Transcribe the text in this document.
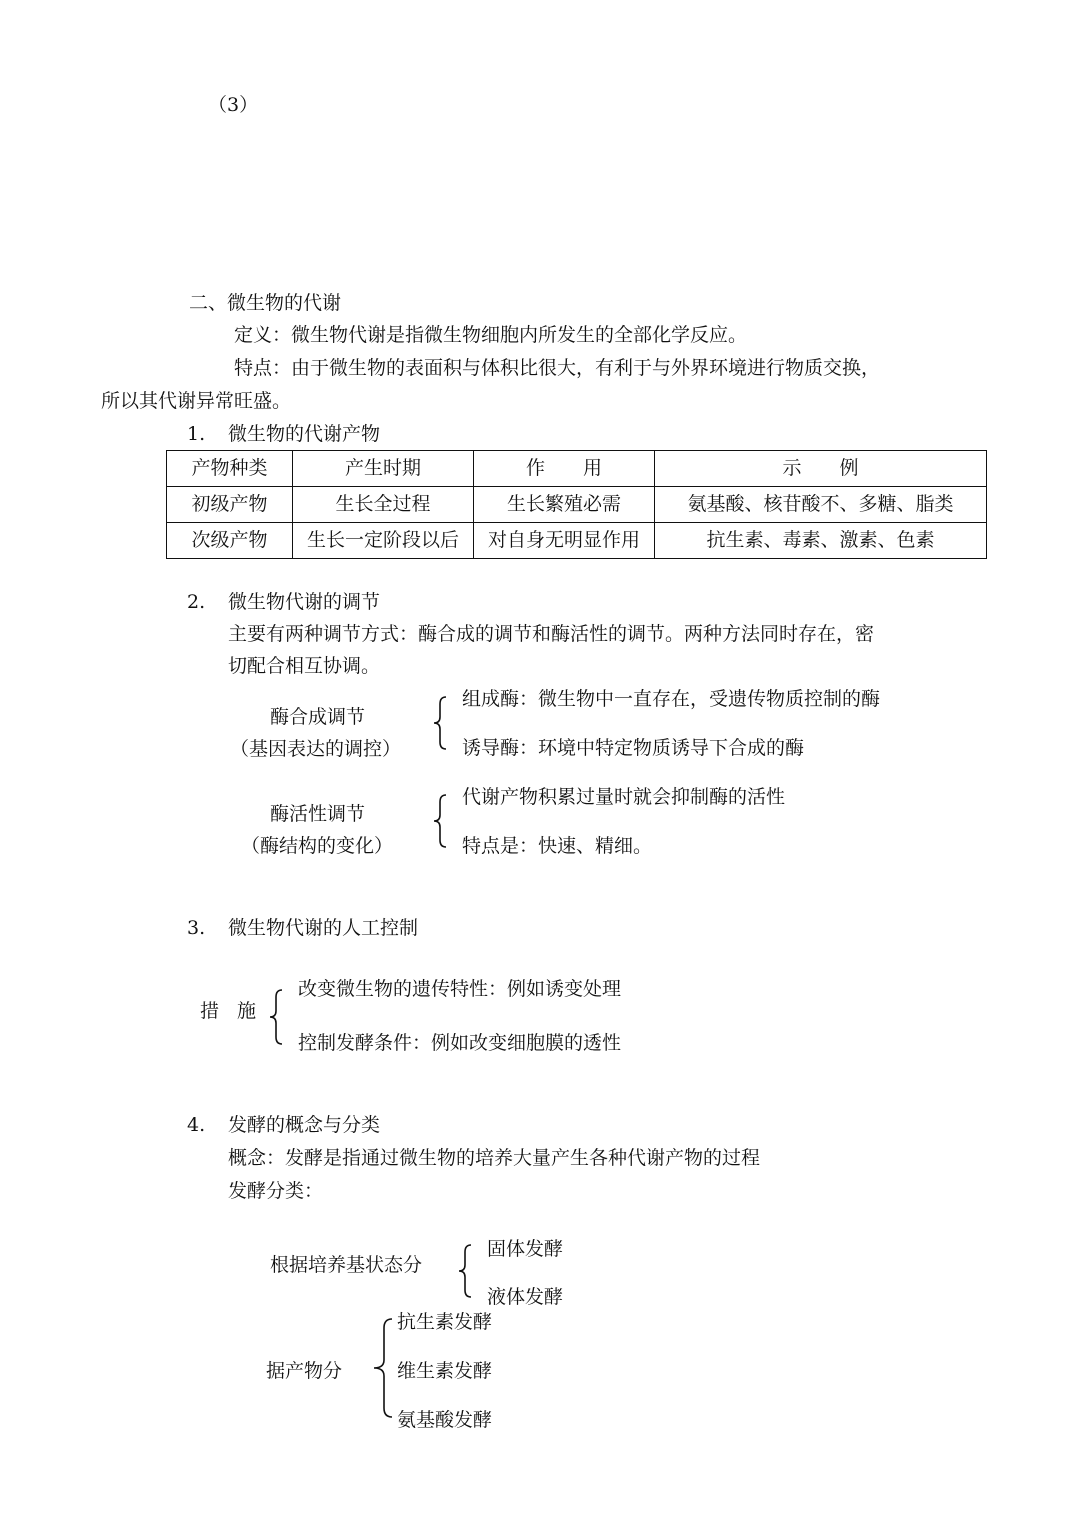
（3）
二、微生物的代谢
定义：微生物代谢是指微生物细胞内所发生的全部化学反应。
特点：由于微生物的表面积与体积比很大，有利于与外界环境进行物质交换，
所以其代谢异常旺盛。
1. 微生物的代谢产物
产物种类	产生时期	作　　用	示　　例
初级产物	生长全过程	生长繁殖必需	氨基酸、核苷酸不、多糖、脂类
次级产物	生长一定阶段以后	对自身无明显作用	抗生素、毒素、激素、色素
2. 微生物代谢的调节
主要有两种调节方式：酶合成的调节和酶活性的调节。两种方法同时存在，密
切配合相互协调。
酶合成调节
（基因表达的调控）
组成酶：微生物中一直存在，受遗传物质控制的酶
诱导酶：环境中特定物质诱导下合成的酶
酶活性调节
（酶结构的变化）
代谢产物积累过量时就会抑制酶的活性
特点是：快速、精细。
3. 微生物代谢的人工控制
措 施
改变微生物的遗传特性：例如诱变处理
控制发酵条件：例如改变细胞膜的透性
4. 发酵的概念与分类
概念：发酵是指通过微生物的培养大量产生各种代谢产物的过程
发酵分类：
根据培养基状态分
固体发酵
液体发酵
据产物分
抗生素发酵
维生素发酵
氨基酸发酵
